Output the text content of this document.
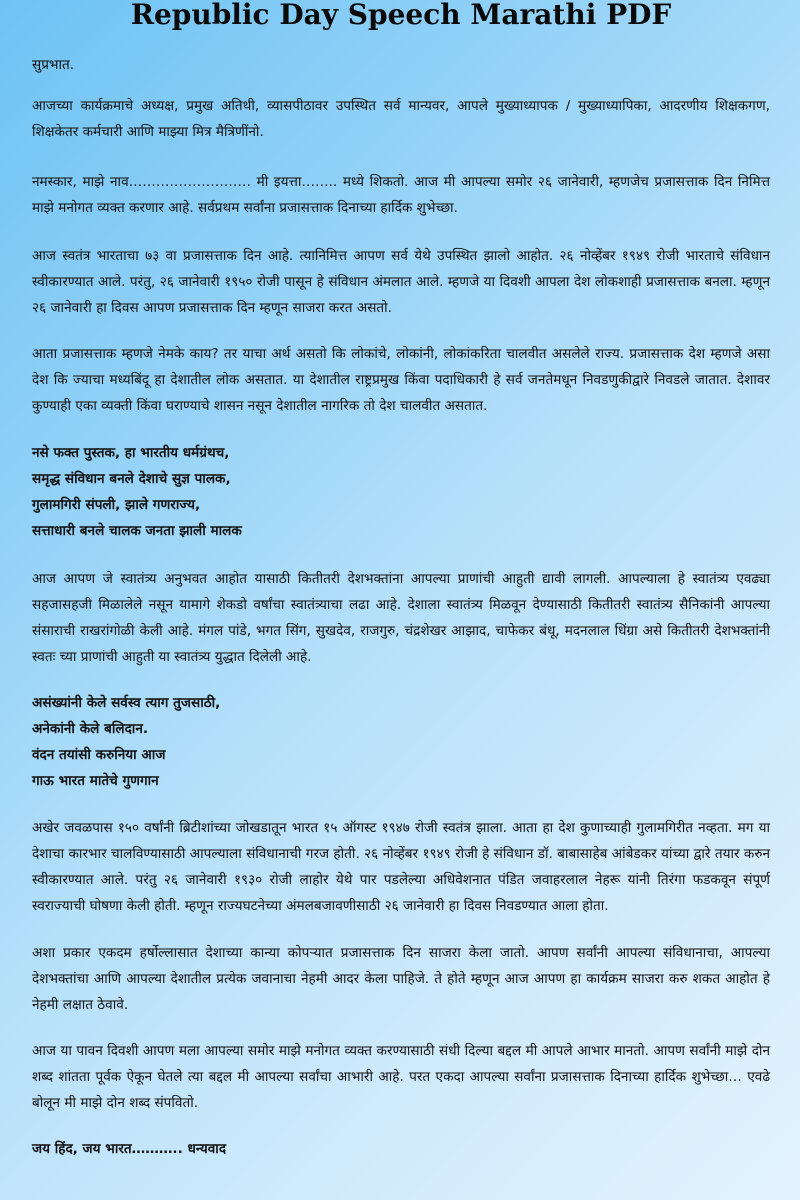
Republic Day Speech Marathi PDF

सुप्रभात.

आजच्या कार्यक्रमाचे अध्यक्ष, प्रमुख अतिथी, व्यासपीठावर उपस्थित सर्व मान्यवर, आपले मुख्याध्यापक / मुख्याध्यापिका, आदरणीय शिक्षकगण, शिक्षकेतर कर्मचारी आणि माझ्या मित्र मैत्रिणींनो.

नमस्कार, माझे नाव……………………… मी इयत्ता…….. मध्ये शिकतो. आज मी आपल्या समोर २६ जानेवारी, म्हणजेच प्रजासत्ताक दिन निमित्त माझे मनोगत व्यक्त करणार आहे. सर्वप्रथम सर्वांना प्रजासत्ताक दिनाच्या हार्दिक शुभेच्छा.

आज स्वतंत्र भारताचा ७३ वा प्रजासत्ताक दिन आहे. त्यानिमित्त आपण सर्व येथे उपस्थित झालो आहोत. २६ नोव्हेंबर १९४९ रोजी भारताचे संविधान स्वीकारण्यात आले. परंतु, २६ जानेवारी १९५० रोजी पासून हे संविधान अंमलात आले. म्हणजे या दिवशी आपला देश लोकशाही प्रजासत्ताक बनला. म्हणून २६ जानेवारी हा दिवस आपण प्रजासत्ताक दिन म्हणून साजरा करत असतो.

आता प्रजासत्ताक म्हणजे नेमके काय? तर याचा अर्थ असतो कि लोकांचे, लोकांनी, लोकांकरिता चालवीत असलेले राज्य. प्रजासत्ताक देश म्हणजे असा देश कि ज्याचा मध्यबिंदू हा देशातील लोक असतात. या देशातील राष्ट्रप्रमुख किंवा पदाधिकारी हे सर्व जनतेमधून निवडणुकीद्वारे निवडले जातात. देशावर कुण्याही एका व्यक्ती किंवा घराण्याचे शासन नसून देशातील नागरिक तो देश चालवीत असतात.

नसे फक्त पुस्तक, हा भारतीय धर्मग्रंथच,
समृद्ध संविधान बनले देशाचे सुज्ञ पालक,
गुलामगिरी संपली, झाले गणराज्य,
सत्ताधारी बनले चालक जनता झाली मालक

आज आपण जे स्वातंत्र्य अनुभवत आहोत यासाठी कितीतरी देशभक्तांना आपल्या प्राणांची आहुती द्यावी लागली. आपल्याला हे स्वातंत्र्य एवढ्या सहजासहजी मिळालेले नसून यामागे शेकडो वर्षांचा स्वातंत्र्याचा लढा आहे. देशाला स्वातंत्र्य मिळवून देण्यासाठी कितीतरी स्वातंत्र्य सैनिकांनी आपल्या संसाराची राखरांगोळी केली आहे. मंगल पांडे, भगत सिंग, सुखदेव, राजगुरु, चंद्रशेखर आझाद, चाफेकर बंधू, मदनलाल धिंग्रा असे कितीतरी देशभक्तांनी स्वतः च्या प्राणांची आहुती या स्वातंत्र्य युद्धात दिलेली आहे.

असंख्यांनी केले सर्वस्व त्याग तुजसाठी,
अनेकांनी केले बलिदान.
वंदन तयांसी करुनिया आज
गाऊ भारत मातेचे गुणगान

अखेर जवळपास १५० वर्षांनी ब्रिटीशांच्या जोखडातून भारत १५ ऑगस्ट १९४७ रोजी स्वतंत्र झाला. आता हा देश कुणाच्याही गुलामगिरीत नव्हता. मग या देशाचा कारभार चालविण्यासाठी आपल्याला संविधानाची गरज होती. २६ नोव्हेंबर १९४९ रोजी हे संविधान डॉ. बाबासाहेब आंबेडकर यांच्या द्वारे तयार करुन स्वीकारण्यात आले. परंतु २६ जानेवारी १९३० रोजी लाहोर येथे पार पडलेल्या अधिवेशनात पंडित जवाहरलाल नेहरू यांनी तिरंगा फडकवून संपूर्ण स्वराज्याची घोषणा केली होती. म्हणून राज्यघटनेच्या अंमलबजावणीसाठी २६ जानेवारी हा दिवस निवडण्यात आला होता.

अशा प्रकार एकदम हर्षोल्लासात देशाच्या कान्या कोपऱ्यात प्रजासत्ताक दिन साजरा केला जातो. आपण सर्वांनी आपल्या संविधानाचा, आपल्या देशभक्तांचा आणि आपल्या देशातील प्रत्येक जवानाचा नेहमी आदर केला पाहिजे. ते होते म्हणून आज आपण हा कार्यक्रम साजरा करु शकत आहोत हे नेहमी लक्षात ठेवावे.

आज या पावन दिवशी आपण मला आपल्या समोर माझे मनोगत व्यक्त करण्यासाठी संधी दिल्या बद्दल मी आपले आभार मानतो. आपण सर्वांनी माझे दोन शब्द शांतता पूर्वक ऐकून घेतले त्या बद्दल मी आपल्या सर्वांचा आभारी आहे. परत एकदा आपल्या सर्वांना प्रजासत्ताक दिनाच्या हार्दिक शुभेच्छा… एवढे बोलून मी माझे दोन शब्द संपवितो.

जय हिंद, जय भारत……….. धन्यवाद
